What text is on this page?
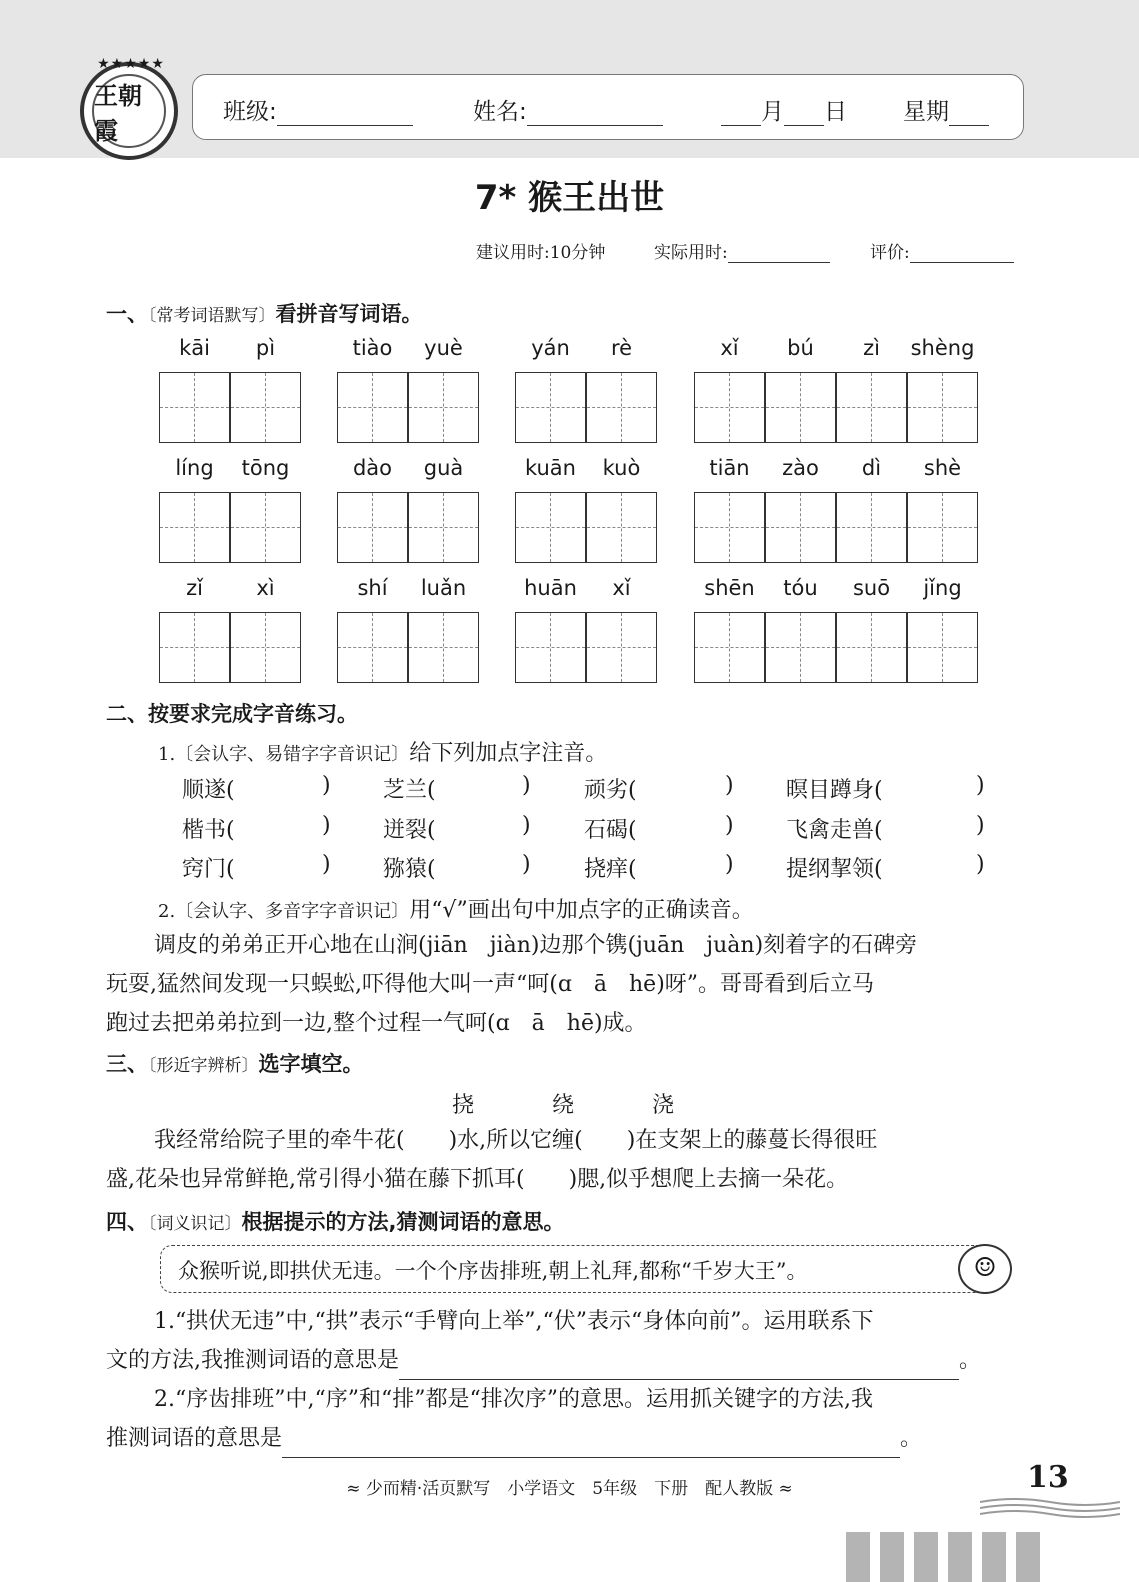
★★★★★
王朝霞
班级:	姓名:	月 日 星期
7* 猴王出世
建议用时:10分钟	实际用时:	评价:
一、〔常考词语默写〕看拼音写词语。
kāi	pì	tiào	yuè	yán	rè	xǐ	bú	zì	shèng
líng	tōng	dào	guà	kuān	kuò	tiān	zào	dì	shè
zǐ	xì	shí	luǎn	huān	xǐ	shēn	tóu	suō	jǐng
二、按要求完成字音练习。
1.〔会认字、易错字字音识记〕给下列加点字注音。
顺遂(	) 芝兰(	) 顽劣(	) 暝目蹲身(	)
楷书(	) 迸裂(	) 石碣(	) 飞禽走兽(	)
窍门(	) 猕猿(	) 挠痒(	) 提纲挈领(	)
2.〔会认字、多音字字音识记〕用“√”画出句中加点字的正确读音。
调皮的弟弟正开心地在山涧(jiān　jiàn)边那个镌(juān　juàn)刻着字的石碑旁
玩耍,猛然间发现一只蜈蚣,吓得他大叫一声“呵(ɑ　ā　hē)呀”。哥哥看到后立马
跑过去把弟弟拉到一边,整个过程一气呵(ɑ　ā　hē)成。
三、〔形近字辨析〕选字填空。
挠	绕	浇
我经常给院子里的牵牛花(　　)水,所以它缠(　　)在支架上的藤蔓长得很旺
盛,花朵也异常鲜艳,常引得小猫在藤下抓耳(　　)腮,似乎想爬上去摘一朵花。
四、〔词义识记〕根据提示的方法,猜测词语的意思。
众猴听说,即拱伏无违。一个个序齿排班,朝上礼拜,都称“千岁大王”。	☺
1.“拱伏无违”中,“拱”表示“手臂向上举”,“伏”表示“身体向前”。运用联系下
文的方法,我推测词语的意思是	。
2.“序齿排班”中,“序”和“排”都是“排次序”的意思。运用抓关键字的方法,我
推测词语的意思是	。
≈ 少而精·活页默写　小学语文　5年级　下册　配人教版 ≈	13
